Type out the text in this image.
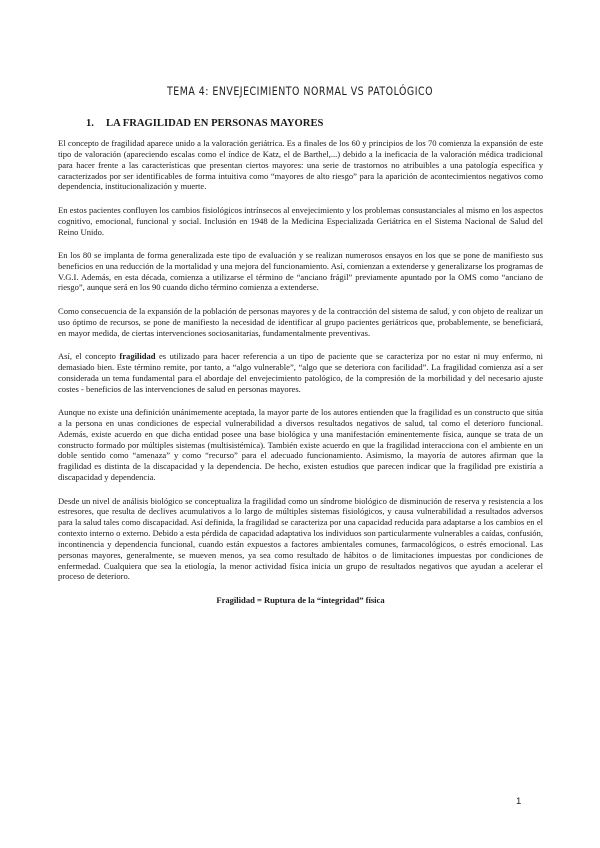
TEMA 4: ENVEJECIMIENTO NORMAL VS PATOLÓGICO
1. LA FRAGILIDAD EN PERSONAS MAYORES

El concepto de fragilidad aparece unido a la valoración geriátrica. Es a finales de los 60 y principios de los 70 comienza la expansión de este tipo de valoración (apareciendo escalas como el índice de Katz, el de Barthel,...) debido a la ineficacia de la valoración médica tradicional para hacer frente a las características que presentan ciertos mayores: una serie de trastornos no atribuibles a una patología específica y caracterizados por ser identificables de forma intuitiva como “mayores de alto riesgo” para la aparición de acontecimientos negativos como dependencia, institucionalización y muerte.

En estos pacientes confluyen los cambios fisiológicos intrínsecos al envejecimiento y los problemas consustanciales al mismo en los aspectos cognitivo, emocional, funcional y social. Inclusión en 1948 de la Medicina Especializada Geriátrica en el Sistema Nacional de Salud del Reino Unido.

En los 80 se implanta de forma generalizada este tipo de evaluación y se realizan numerosos ensayos en los que se pone de manifiesto sus beneficios en una reducción de la mortalidad y una mejora del funcionamiento. Así, comienzan a extenderse y generalizarse los programas de V.G.I. Además, en esta década, comienza a utilizarse el término de “anciano frágil” previamente apuntado por la OMS como “anciano de riesgo”, aunque será en los 90 cuando dicho término comienza a extenderse.

Como consecuencia de la expansión de la población de personas mayores y de la contracción del sistema de salud, y con objeto de realizar un uso óptimo de recursos, se pone de manifiesto la necesidad de identificar al grupo pacientes geriátricos que, probablemente, se beneficiará, en mayor medida, de ciertas intervenciones sociosanitarias, fundamentalmente preventivas.

Así, el concepto fragilidad es utilizado para hacer referencia a un tipo de paciente que se caracteriza por no estar ni muy enfermo, ni demasiado bien. Este término remite, por tanto, a “algo vulnerable”, “algo que se deteriora con facilidad”. La fragilidad comienza así a ser considerada un tema fundamental para el abordaje del envejecimiento patológico, de la compresión de la morbilidad y del necesario ajuste costes - beneficios de las intervenciones de salud en personas mayores.

Aunque no existe una definición unánimemente aceptada, la mayor parte de los autores entienden que la fragilidad es un constructo que sitúa a la persona en unas condiciones de especial vulnerabilidad a diversos resultados negativos de salud, tal como el deterioro funcional. Además, existe acuerdo en que dicha entidad posee una base biológica y una manifestación eminentemente física, aunque se trata de un constructo formado por múltiples sistemas (multisistémica). También existe acuerdo en que la fragilidad interacciona con el ambiente en un doble sentido como “amenaza” y como “recurso” para el adecuado funcionamiento. Asimismo, la mayoría de autores afirman que la fragilidad es distinta de la discapacidad y la dependencia. De hecho, existen estudios que parecen indicar que la fragilidad pre existiría a discapacidad y dependencia.

Desde un nivel de análisis biológico se conceptualiza la fragilidad como un síndrome biológico de disminución de reserva y resistencia a los estresores, que resulta de declives acumulativos a lo largo de múltiples sistemas fisiológicos, y causa vulnerabilidad a resultados adversos para la salud tales como discapacidad. Así definida, la fragilidad se caracteriza por una capacidad reducida para adaptarse a los cambios en el contexto interno o externo. Debido a esta pérdida de capacidad adaptativa los individuos son particularmente vulnerables a caídas, confusión, incontinencia y dependencia funcional, cuando están expuestos a factores ambientales comunes, farmacológicos, o estrés emocional. Las personas mayores, generalmente, se mueven menos, ya sea como resultado de hábitos o de limitaciones impuestas por condiciones de enfermedad. Cualquiera que sea la etiología, la menor actividad física inicia un grupo de resultados negativos que ayudan a acelerar el proceso de deterioro.

Fragilidad = Ruptura de la “integridad” física

1
